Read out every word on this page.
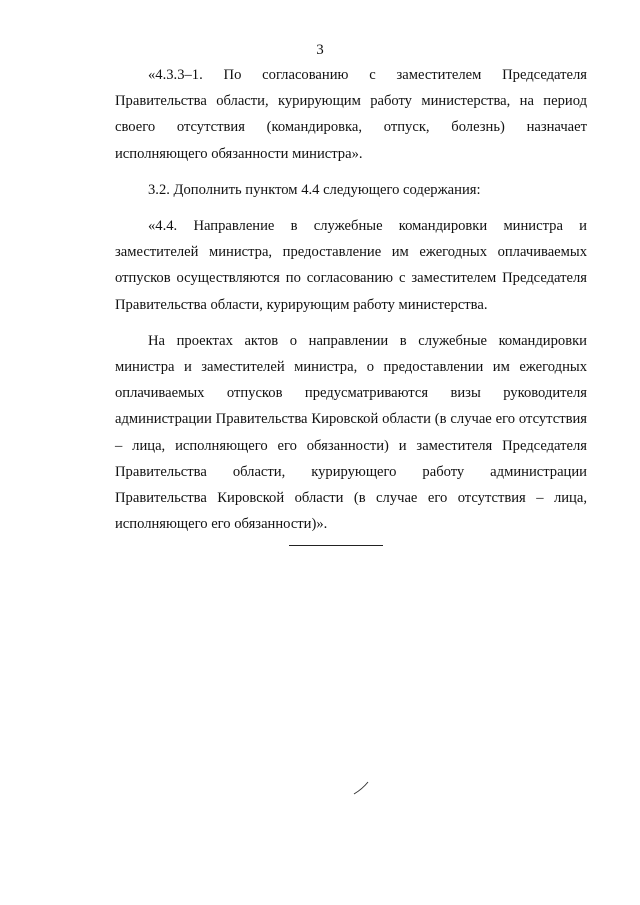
3

«4.3.3–1. По согласованию с заместителем Председателя Правительства области, курирующим работу министерства, на период своего отсутствия (командировка, отпуск, болезнь) назначает исполняющего обязанности министра».

3.2. Дополнить пунктом 4.4 следующего содержания:

«4.4. Направление в служебные командировки министра и заместителей министра, предоставление им ежегодных оплачиваемых отпусков осуществляются по согласованию с заместителем Председателя Правительства области, курирующим работу министерства.

На проектах актов о направлении в служебные командировки министра и заместителей министра, о предоставлении им ежегодных оплачиваемых отпусков предусматриваются визы руководителя администрации Правительства Кировской области (в случае его отсутствия – лица, исполняющего его обязанности) и заместителя Председателя Правительства области, курирующего работу администрации Правительства Кировской области (в случае его отсутствия – лица, исполняющего его обязанности)».
